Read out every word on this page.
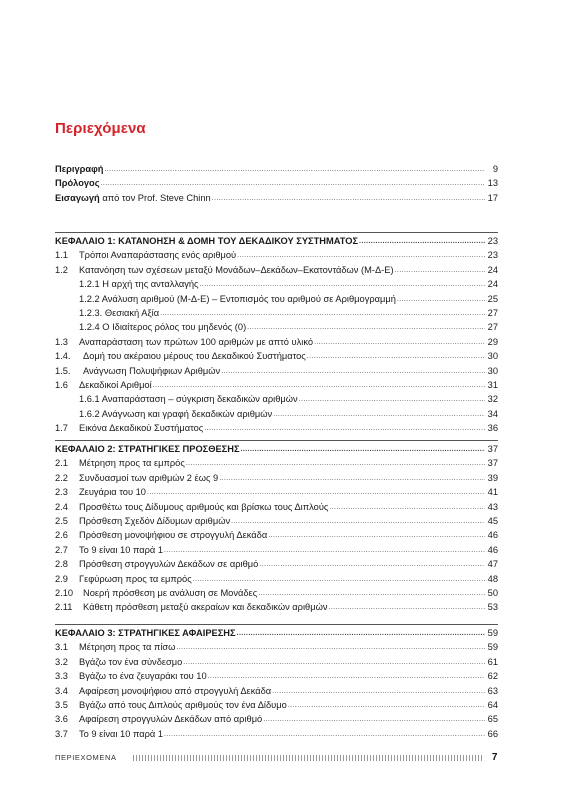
Περιεχόμενα
Περιγραφή .....	9
Πρόλογος .....	13
Εισαγωγή από τον Prof. Steve Chinn .....	17
ΚΕΦΑΛΑΙΟ 1: ΚΑΤΑΝΟΗΣΗ & ΔΟΜΗ ΤΟΥ ΔΕΚΑΔΙΚΟΥ ΣΥΣΤΗΜΑΤΟΣ .....	23
1.1	Τρόποι Αναπαράστασης ενός αριθμού .....	23
1.2	Κατανόηση των σχέσεων μεταξύ Μονάδων–Δεκάδων–Εκατοντάδων (Μ-Δ-Ε) .....	24
1.2.1 Η αρχή της ανταλλαγής .....	24
1.2.2 Ανάλυση αριθμού (Μ-Δ-Ε) – Εντοπισμός του αριθμού σε Αριθμογραμμή .....	25
1.2.3. Θεσιακή Αξία .....	27
1.2.4 Ο Ιδιαίτερος ρόλος του μηδενός (0) .....	27
1.3	Αναπαράσταση των πρώτων 100 αριθμών με απτό υλικό .....	29
1.4.	Δομή του ακέραιου μέρους του Δεκαδικού Συστήματος .....	30
1.5.	Ανάγνωση Πολυψήφιων Αριθμών .....	30
1.6	Δεκαδικοί Αριθμοί .....	31
1.6.1 Αναπαράσταση – σύγκριση δεκαδικών αριθμών .....	32
1.6.2 Ανάγνωση και γραφή δεκαδικών αριθμών .....	34
1.7	Εικόνα Δεκαδικού Συστήματος .....	36
ΚΕΦΑΛΑΙΟ 2: ΣΤΡΑΤΗΓΙΚΕΣ ΠΡΟΣΘΕΣΗΣ .....	37
2.1	Μέτρηση προς τα εμπρός .....	37
2.2	Συνδυασμοί των αριθμών 2 έως 9 .....	39
2.3	Ζευγάρια του 10 .....	41
2.4	Προσθέτω τους Δίδυμους αριθμούς και βρίσκω τους Διπλούς .....	43
2.5	Πρόσθεση Σχεδόν Δίδυμων αριθμών .....	45
2.6	Πρόσθεση μονοψήφιου σε στρογγυλή Δεκάδα .....	46
2.7	Το 9 είναι 10 παρά 1 .....	46
2.8	Πρόσθεση στρογγυλών Δεκάδων σε αριθμό .....	47
2.9	Γεφύρωση προς τα εμπρός .....	48
2.10	Νοερή πρόσθεση με ανάλυση σε Μονάδες .....	50
2.11	Κάθετη πρόσθεση μεταξύ ακεραίων και δεκαδικών αριθμών .....	53
ΚΕΦΑΛΑΙΟ 3: ΣΤΡΑΤΗΓΙΚΕΣ ΑΦΑΙΡΕΣΗΣ .....	59
3.1	Μέτρηση προς τα πίσω .....	59
3.2	Βγάζω τον ένα σύνδεσμο .....	61
3.3	Βγάζω το ένα ζευγαράκι του 10 .....	62
3.4	Αφαίρεση μονοψήφιου από στρογγυλή Δεκάδα .....	63
3.5	Βγάζω από τους Διπλούς αριθμούς τον ένα Δίδυμο .....	64
3.6	Αφαίρεση στρογγυλών Δεκάδων από αριθμό .....	65
3.7	Το 9 είναι 10 παρά 1 .....	66
ΠΕΡΙΕΧΟΜΕΝΑ	7
